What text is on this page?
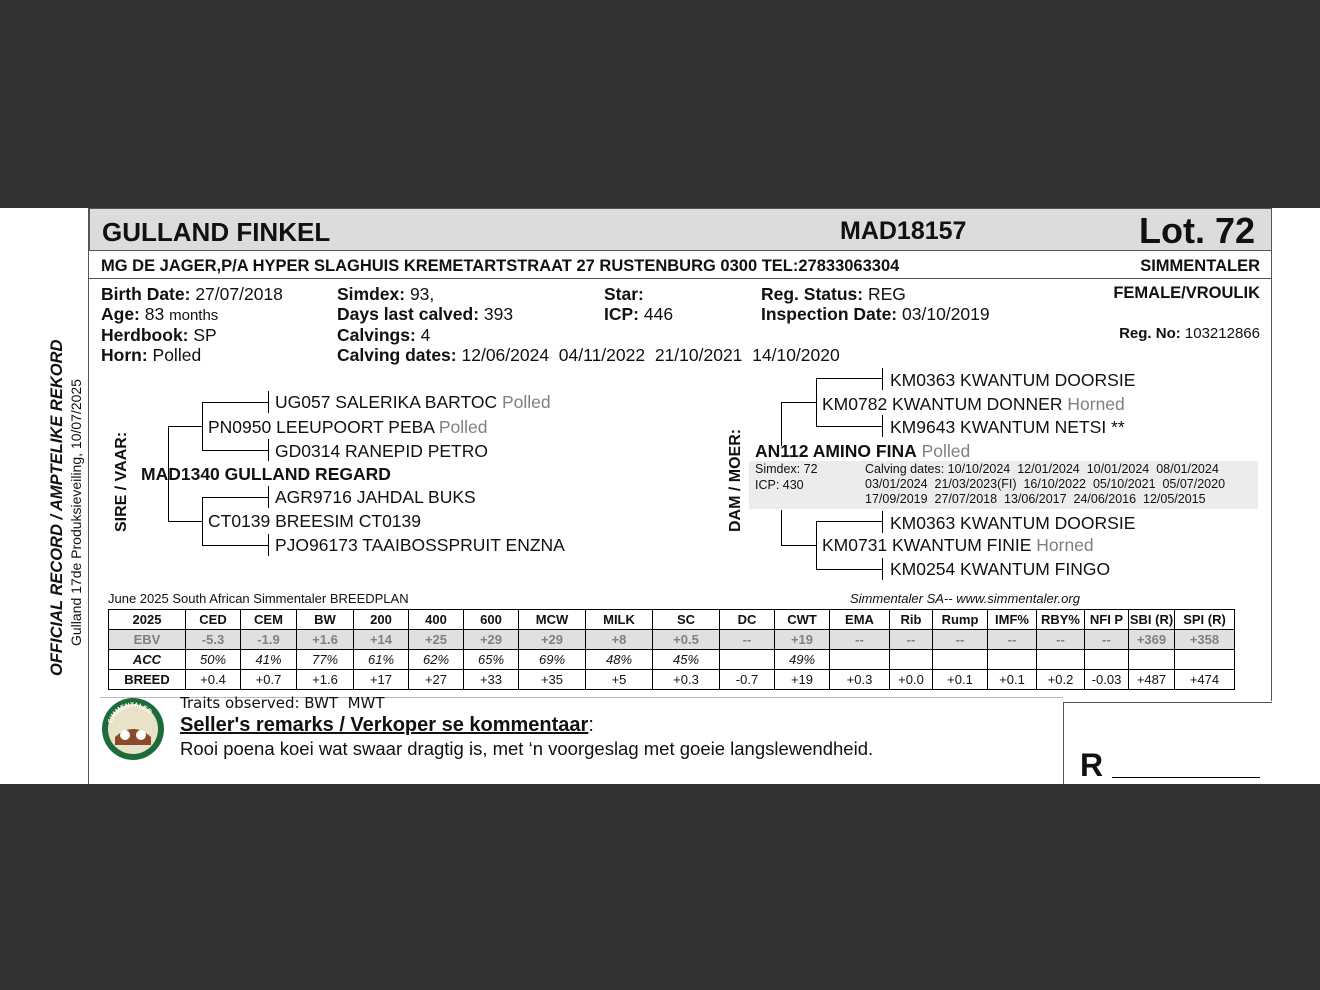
GULLAND FINKEL	MAD18157	Lot. 72
MG DE JAGER,P/A HYPER SLAGHUIS KREMETARTSTRAAT 27 RUSTENBURG 0300 TEL:27833063304	SIMMENTALER
Birth Date: 27/07/2018
Age: 83 months
Herdbook: SP
Horn: Polled
Simdex: 93,
Days last calved: 393
Calvings: 4
Calving dates: 12/06/2024  04/11/2022  21/10/2021  14/10/2020
Star:
ICP: 446
Reg. Status: REG
Inspection Date: 03/10/2019
FEMALE/VROULIK
Reg. No: 103212866
OFFICIAL RECORD / AMPTELIKE REKORD Gulland 17de Produksieveiling, 10/07/2025 SIRE / VAAR:	DAM / MOER:
UG057 SALERIKA BARTOC Polled
PN0950 LEEUPOORT PEBA Polled
GD0314 RANEPID PETRO
MAD1340 GULLAND REGARD
AGR9716 JAHDAL BUKS
CT0139 BREESIM CT0139
PJO96173 TAAIBOSSPRUIT ENZNA
KM0363 KWANTUM DOORSIE
KM0782 KWANTUM DONNER Horned
KM9643 KWANTUM NETSI **
AN112 AMINO FINA Polled
Simdex: 72
ICP: 430
Calving dates: 10/10/2024  12/01/2024  10/01/2024  08/01/2024
03/01/2024  21/03/2023(FI)  16/10/2022  05/10/2021  05/07/2020
17/09/2019  27/07/2018  13/06/2017  24/06/2016  12/05/2015
KM0363 KWANTUM DOORSIE
KM0731 KWANTUM FINIE Horned
KM0254 KWANTUM FINGO
June 2025 South African Simmentaler BREEDPLAN	Simmentaler SA-- www.simmentaler.org
2025	CED	CEM	BW	200	400	600	MCW	MILK	SC	DC	CWT	EMA	Rib	Rump	IMF%	RBY%	NFI P	SBI (R)	SPI (R)
EBV	-5.3	-1.9	+1.6	+14	+25	+29	+29	+8	+0.5	--	+19	--	--	--	--	--	--	+369	+358
ACC	50%	41%	77%	61%	62%	65%	69%	48%	45%		49%								
BREED	+0.4	+0.7	+1.6	+17	+27	+33	+35	+5	+0.3	-0.7	+19	+0.3	+0.0	+0.1	+0.1	+0.2	-0.03	+487	+474
SIMMENTALER Traits observed: BWT  MWT
Seller's remarks / Verkoper se kommentaar:
Rooi poena koei wat swaar dragtig is, met ‘n voorgeslag met goeie langslewendheid.	R
